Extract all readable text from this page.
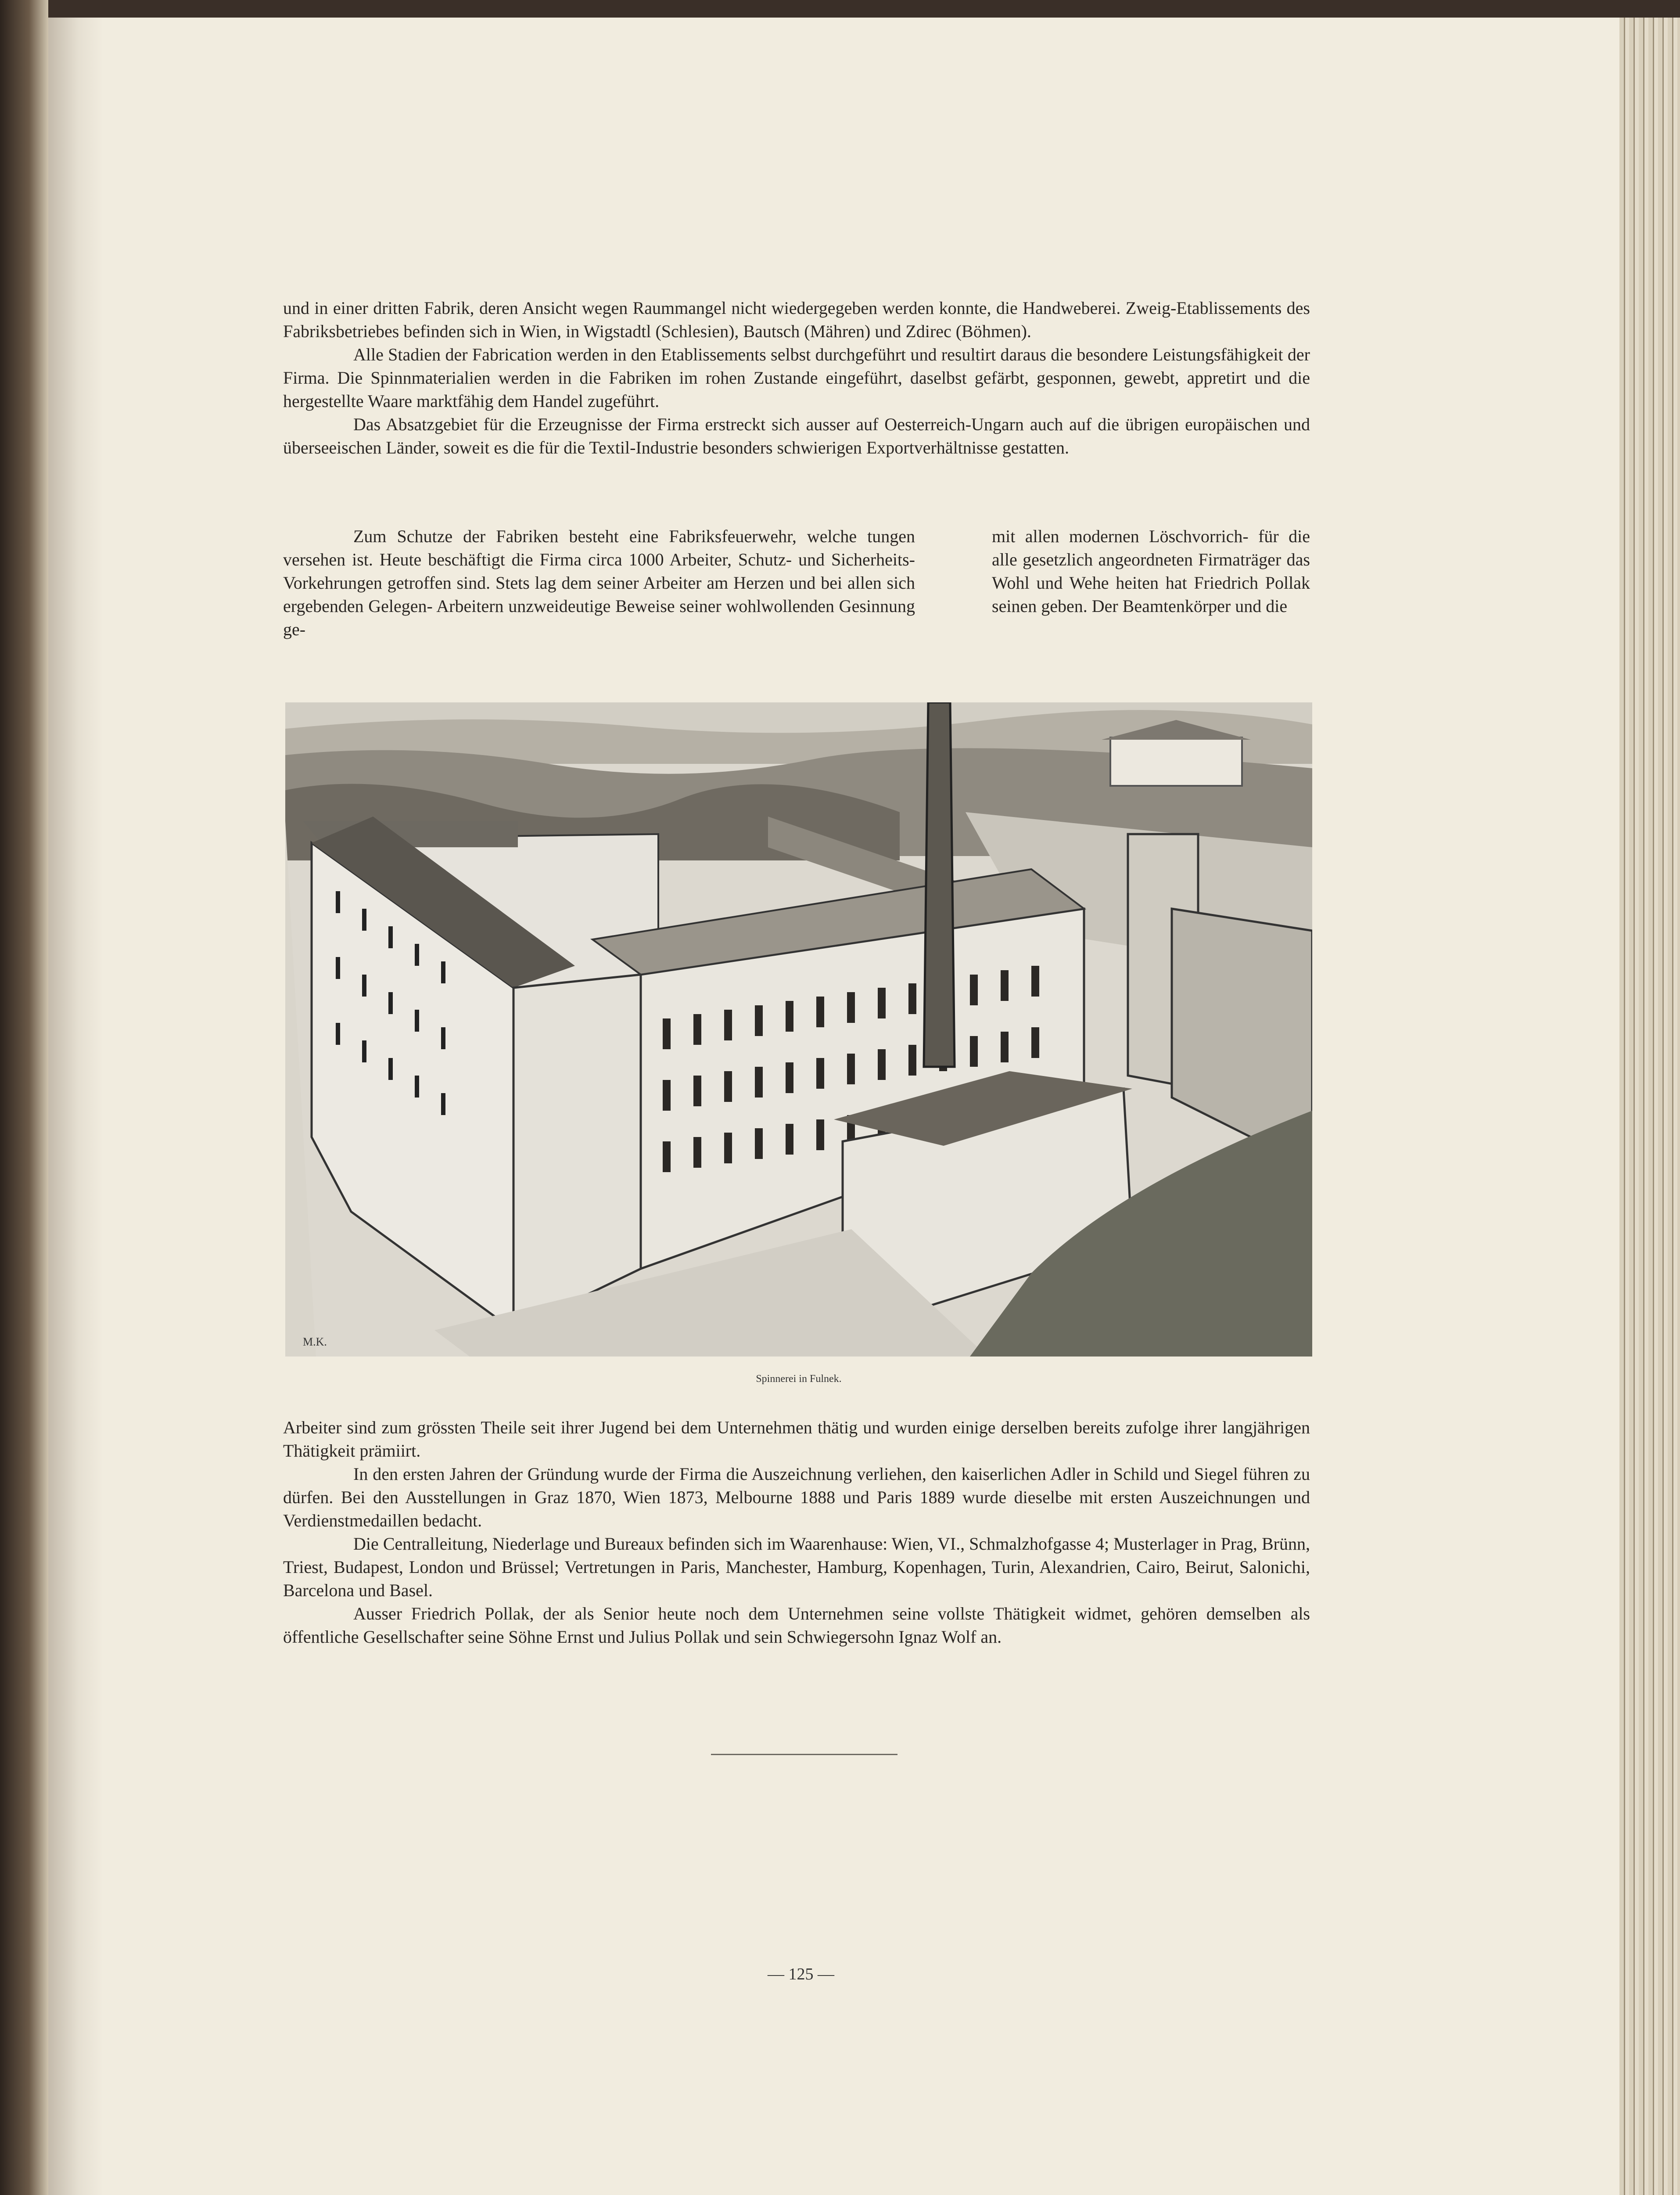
und in einer dritten Fabrik, deren Ansicht wegen Raummangel nicht wiedergegeben werden konnte, die Handweberei. Zweig-Etablissements des Fabriksbetriebes befinden sich in Wien, in Wigstadtl (Schlesien), Bautsch (Mähren) und Zdirec (Böhmen).

Alle Stadien der Fabrication werden in den Etablissements selbst durchgeführt und resultirt daraus die besondere Leistungsfähigkeit der Firma. Die Spinnmaterialien werden in die Fabriken im rohen Zustande eingeführt, daselbst gefärbt, gesponnen, gewebt, appretirt und die hergestellte Waare marktfähig dem Handel zugeführt.

Das Absatzgebiet für die Erzeugnisse der Firma erstreckt sich ausser auf Oesterreich-Ungarn auch auf die übrigen europäischen und überseeischen Länder, soweit es die für die Textil-Industrie besonders schwierigen Exportverhältnisse gestatten.

Zum Schutze der Fabriken besteht eine Fabriksfeuerwehr, welche tungen versehen ist. Heute beschäftigt die Firma circa 1000 Arbeiter, Schutz- und Sicherheits-Vorkehrungen getroffen sind. Stets lag dem seiner Arbeiter am Herzen und bei allen sich ergebenden Gelegen- Arbeitern unzweideutige Beweise seiner wohlwollenden Gesinnung ge-

mit allen modernen Löschvorrich- für die alle gesetzlich angeordneten Firmaträger das Wohl und Wehe heiten hat Friedrich Pollak seinen geben. Der Beamtenkörper und die

M.K.
Spinnerei in Fulnek.

Arbeiter sind zum grössten Theile seit ihrer Jugend bei dem Unternehmen thätig und wurden einige derselben bereits zufolge ihrer langjährigen Thätigkeit prämiirt.

In den ersten Jahren der Gründung wurde der Firma die Auszeichnung verliehen, den kaiserlichen Adler in Schild und Siegel führen zu dürfen. Bei den Ausstellungen in Graz 1870, Wien 1873, Melbourne 1888 und Paris 1889 wurde dieselbe mit ersten Auszeichnungen und Verdienstmedaillen bedacht.

Die Centralleitung, Niederlage und Bureaux befinden sich im Waarenhause: Wien, VI., Schmalzhofgasse 4; Musterlager in Prag, Brünn, Triest, Budapest, London und Brüssel; Vertretungen in Paris, Manchester, Hamburg, Kopenhagen, Turin, Alexandrien, Cairo, Beirut, Salonichi, Barcelona und Basel.

Ausser Friedrich Pollak, der als Senior heute noch dem Unternehmen seine vollste Thätigkeit widmet, gehören demselben als öffentliche Gesellschafter seine Söhne Ernst und Julius Pollak und sein Schwiegersohn Ignaz Wolf an.

— 125 —
